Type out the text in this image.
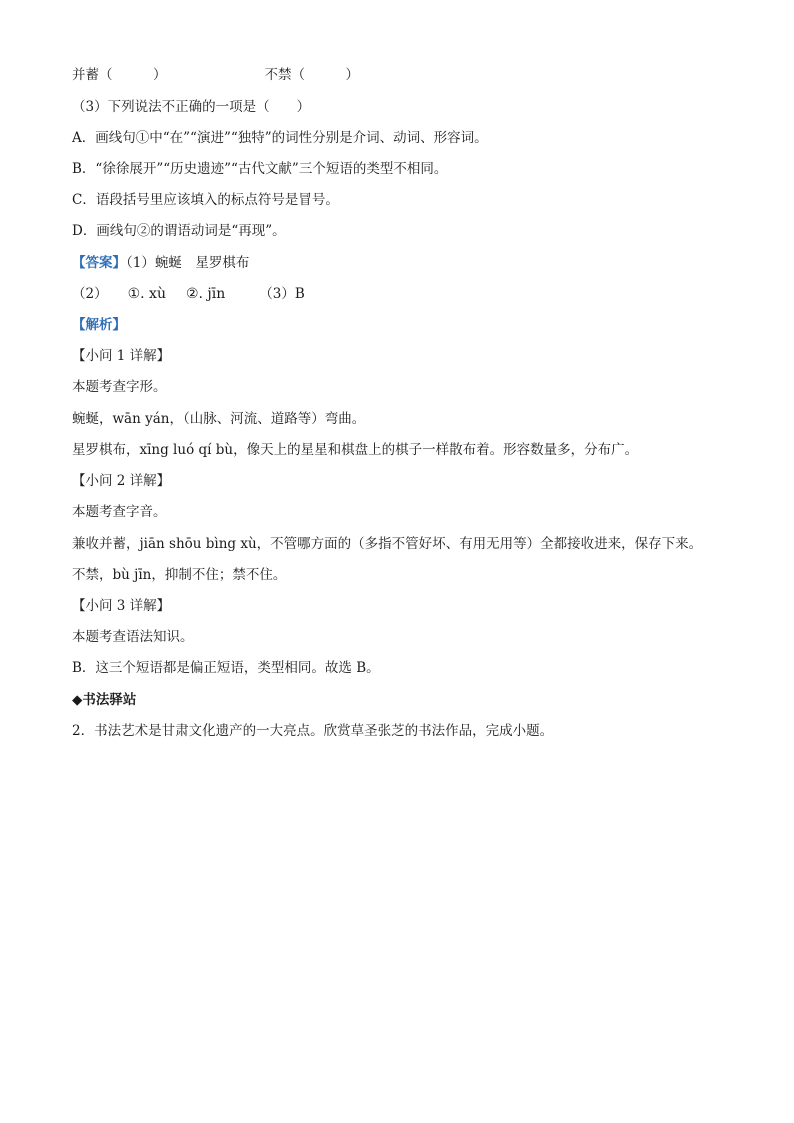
并蓄（　　　）	不禁（　　　）
（3）下列说法不正确的一项是（　　）
A．画线句①中“在”“演进”“独特”的词性分别是介词、动词、形容词。
B．“徐徐展开”“历史遗迹”“古代文献”三个短语的类型不相同。
C．语段括号里应该填入的标点符号是冒号。
D．画线句②的谓语动词是“再现”。
【答案】（1）蜿蜒　星罗棋布
（2） ①. xù ②. jīn	（3）B
【解析】
【小问 1 详解】
本题考查字形。
蜿蜒，wān yán，（山脉、河流、道路等）弯曲。
星罗棋布，xīng luó qí bù，像天上的星星和棋盘上的棋子一样散布着。形容数量多，分布广。
【小问 2 详解】
本题考查字音。
兼收并蓄，jiān shōu bìng xù，不管哪方面的（多指不管好坏、有用无用等）全都接收进来，保存下来。
不禁，bù jīn，抑制不住；禁不住。
【小问 3 详解】
本题考查语法知识。
B．这三个短语都是偏正短语，类型相同。故选 B。
◆书法驿站
2．书法艺术是甘肃文化遗产的一大亮点。欣赏草圣张芝的书法作品，完成小题。
